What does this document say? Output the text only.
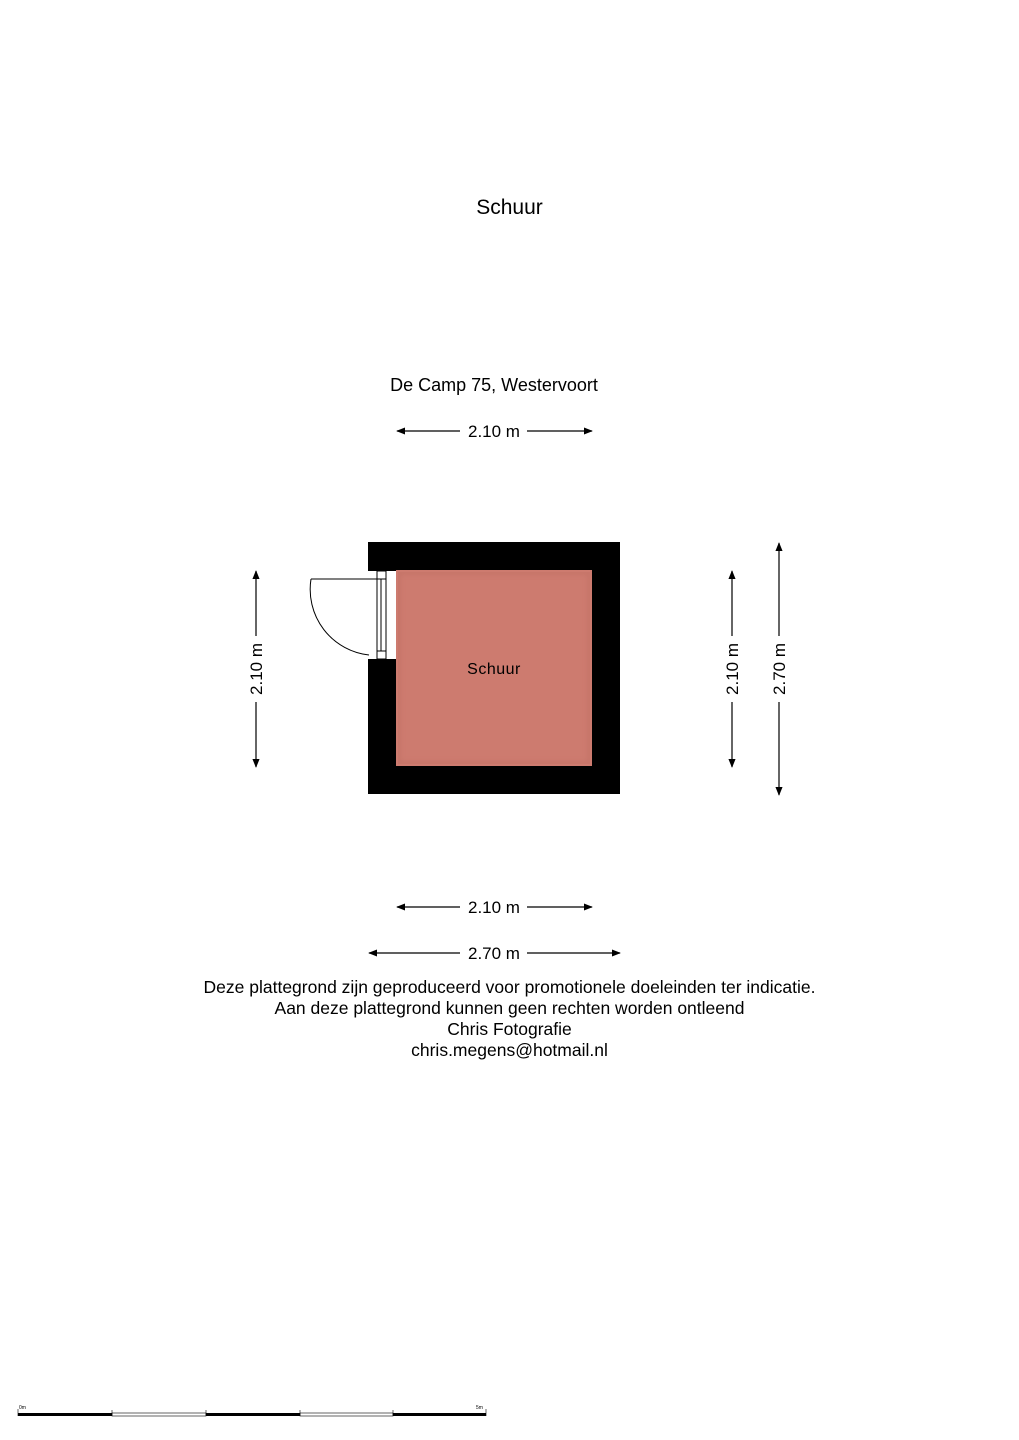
Schuur
De Camp 75, Westervoort
Schuur
2.10 m
2.10 m
2.70 m
2.10 m	2.10 m 2.70 m
0m	5m
Deze plattegrond zijn geproduceerd voor promotionele doeleinden ter indicatie.
Aan deze plattegrond kunnen geen rechten worden ontleend
Chris Fotografie
chris.megens@hotmail.nl
